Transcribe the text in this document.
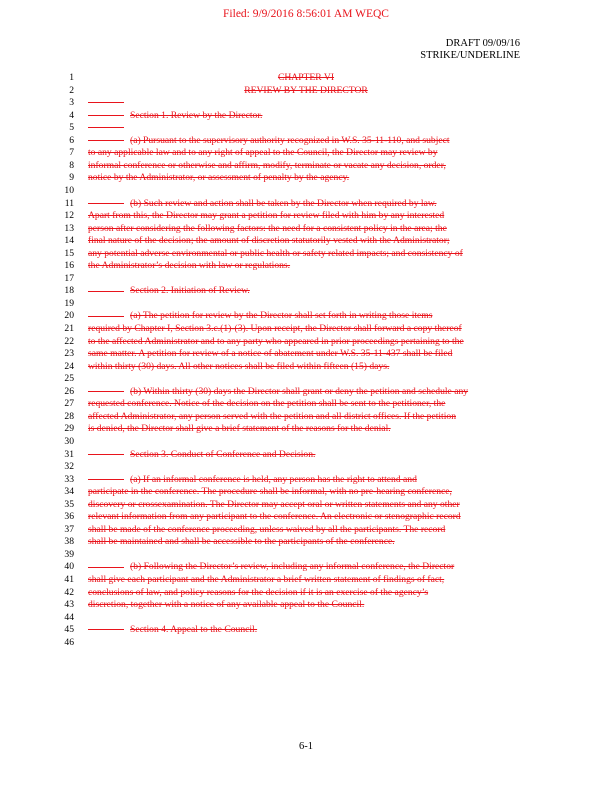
Filed: 9/9/2016 8:56:01 AM WEQC
DRAFT 09/09/16
STRIKE/UNDERLINE
1	CHAPTER VI
2	REVIEW BY THE DIRECTOR
3
4	Section 1. Review by the Director.
5
6	(a) Pursuant to the supervisory authority recognized in W.S. 35-11-110, and subject
7 to any applicable law and to any right of appeal to the Council, the Director may review by
8 informal conference or otherwise and affirm, modify, terminate or vacate any decision, order,
9 notice by the Administrator, or assessment of penalty by the agency.
10
11	(b) Such review and action shall be taken by the Director when required by law.
12 Apart from this, the Director may grant a petition for review filed with him by any interested
13 person after considering the following factors: the need for a consistent policy in the area; the
14 final nature of the decision; the amount of discretion statutorily vested with the Administrator;
15 any potential adverse environmental or public health or safety related impacts; and consistency of
16 the Administrator’s decision with law or regulations.
17
18	Section 2. Initiation of Review.
19
20	(a) The petition for review by the Director shall set forth in writing those items
21 required by Chapter I, Section 3.c.(1)-(3). Upon receipt, the Director shall forward a copy thereof
22 to the affected Administrator and to any party who appeared in prior proceedings pertaining to the
23 same matter. A petition for review of a notice of abatement under W.S. 35-11-437 shall be filed
24 within thirty (30) days. All other notices shall be filed within fifteen (15) days.
25
26	(b) Within thirty (30) days the Director shall grant or deny the petition and schedule any
27 requested conference. Notice of the decision on the petition shall be sent to the petitioner, the
28 affected Administrator, any person served with the petition and all district offices. If the petition
29 is denied, the Director shall give a brief statement of the reasons for the denial.
30
31	Section 3. Conduct of Conference and Decision.
32
33	(a) If an informal conference is held, any person has the right to attend and
34 participate in the conference. The procedure shall be informal, with no pre-hearing conference,
35 discovery or crossexamination. The Director may accept oral or written statements and any other
36 relevant information from any participant to the conference. An electronic or stenographic record
37 shall be made of the conference proceeding, unless waived by all the participants. The record
38 shall be maintained and shall be accessible to the participants of the conference.
39
40	(b) Following the Director’s review, including any informal conference, the Director
41 shall give each participant and the Administrator a brief written statement of findings of fact,
42 conclusions of law, and policy reasons for the decision if it is an exercise of the agency’s
43 discretion, together with a notice of any available appeal to the Council.
44
45	Section 4. Appeal to the Council.
46
6-1
